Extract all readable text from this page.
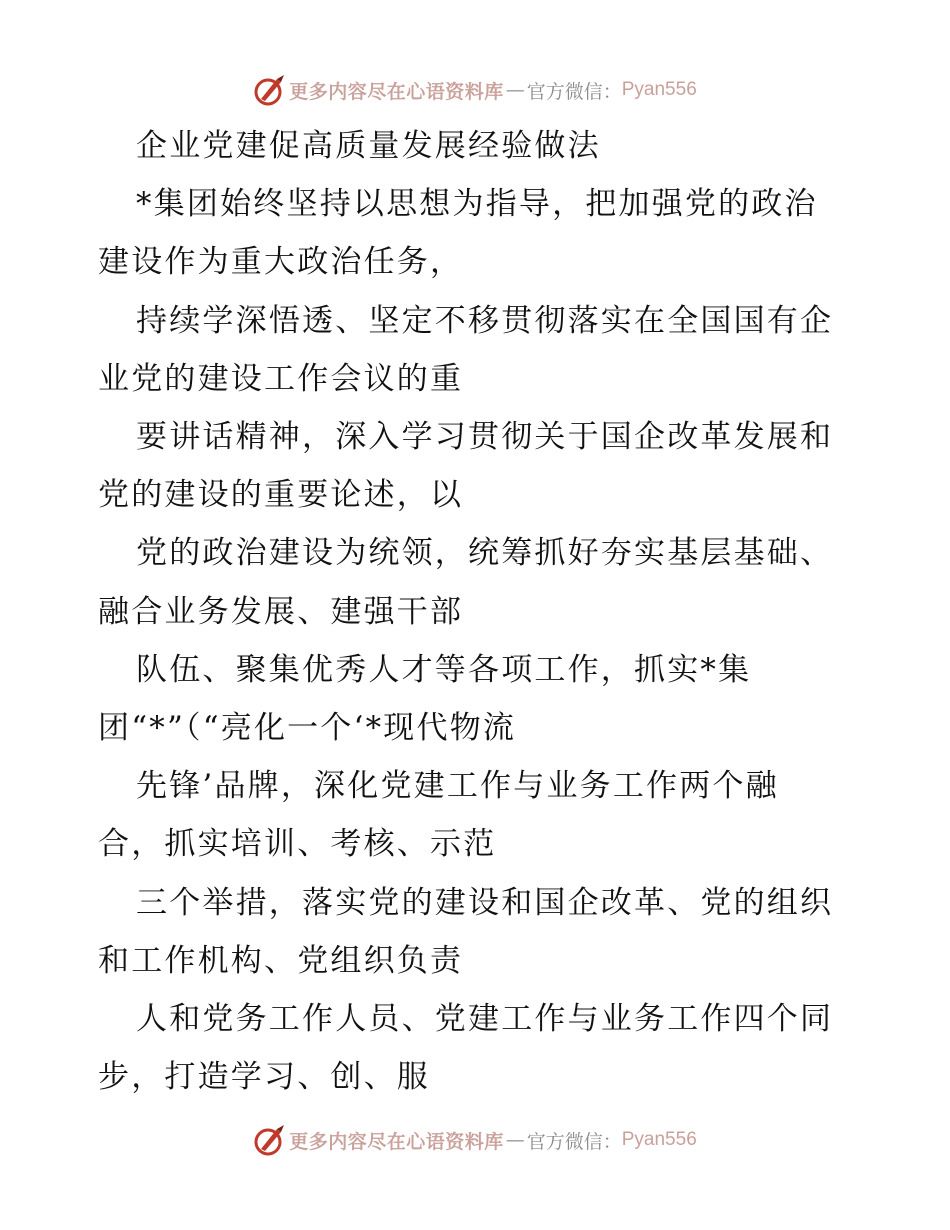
更多内容尽在心语资料库 — 官方微信： Pyan556
企业党建促高质量发展经验做法
*集团始终坚持以思想为指导，把加强党的政治
建设作为重大政治任务，
持续学深悟透、坚定不移贯彻落实在全国国有企
业党的建设工作会议的重
要讲话精神，深入学习贯彻关于国企改革发展和
党的建设的重要论述，以
党的政治建设为统领，统筹抓好夯实基层基础、
融合业务发展、建强干部
队伍、聚集优秀人才等各项工作，抓实*集
团“*”（“亮化一个‘*现代物流
先锋’品牌，深化党建工作与业务工作两个融
合，抓实培训、考核、示范
三个举措，落实党的建设和国企改革、党的组织
和工作机构、党组织负责
人和党务工作人员、党建工作与业务工作四个同
步，打造学习、创、服
更多内容尽在心语资料库 — 官方微信： Pyan556
